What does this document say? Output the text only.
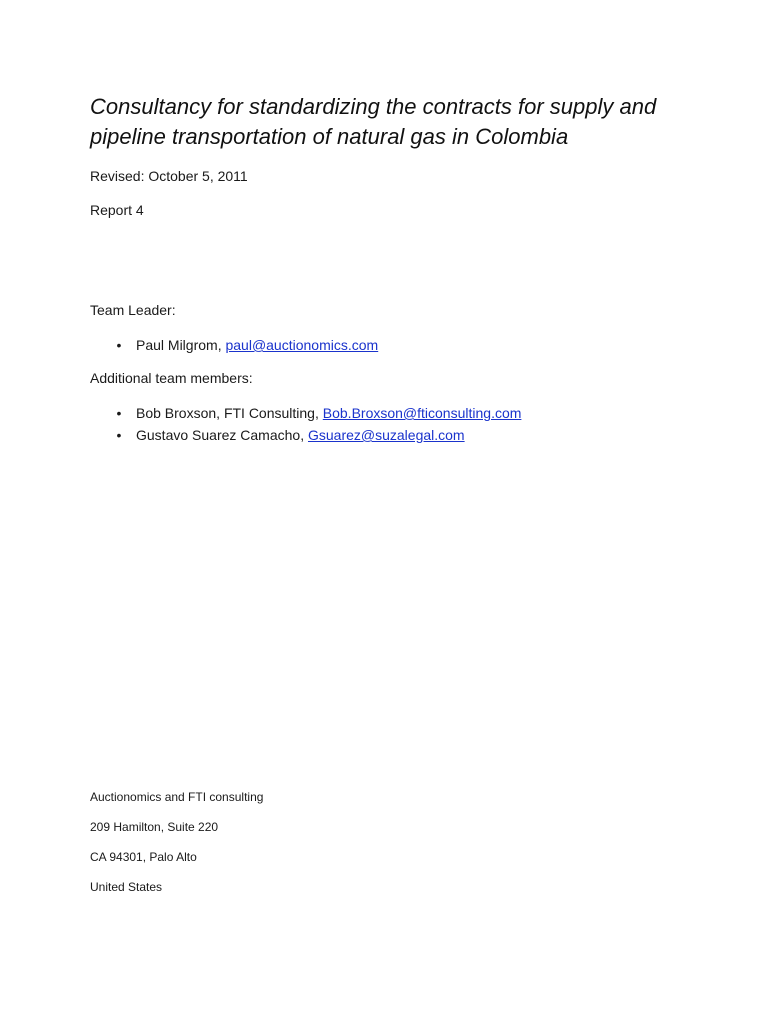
Consultancy for standardizing the contracts for supply and
pipeline transportation of natural gas in Colombia

Revised: October 5, 2011

Report 4

Team Leader:

• Paul Milgrom, paul@auctionomics.com

Additional team members:

• Bob Broxson, FTI Consulting, Bob.Broxson@fticonsulting.com
• Gustavo Suarez Camacho, Gsuarez@suzalegal.com

Auctionomics and FTI consulting

209 Hamilton, Suite 220

CA 94301, Palo Alto

United States
